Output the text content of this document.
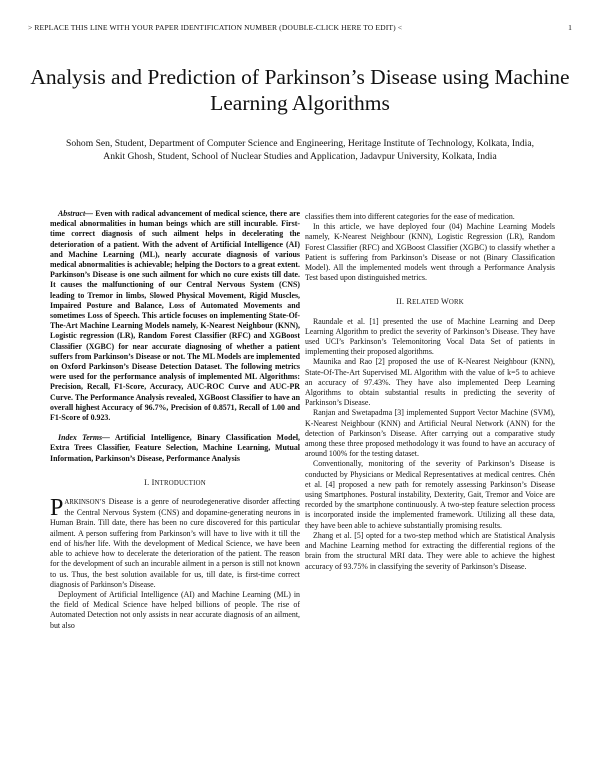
> REPLACE THIS LINE WITH YOUR PAPER IDENTIFICATION NUMBER (DOUBLE-CLICK HERE TO EDIT) <	1
Analysis and Prediction of Parkinson’s Disease using Machine Learning Algorithms
Sohom Sen, Student, Department of Computer Science and Engineering, Heritage Institute of Technology, Kolkata, India, Ankit Ghosh, Student, School of Nuclear Studies and Application, Jadavpur University, Kolkata, India

Abstract— Even with radical advancement of medical science, there are medical abnormalities in human beings which are still incurable. First-time correct diagnosis of such ailment helps in decelerating the deterioration of a patient. With the advent of Artificial Intelligence (AI) and Machine Learning (ML), nearly accurate diagnosis of various medical abnormalities is achievable; helping the Doctors to a great extent. Parkinson’s Disease is one such ailment for which no cure exists till date. It causes the malfunctioning of our Central Nervous System (CNS) leading to Tremor in limbs, Slowed Physical Movement, Rigid Muscles, Impaired Posture and Balance, Loss of Automated Movements and sometimes Loss of Speech. This article focuses on implementing State-Of-The-Art Machine Learning Models namely, K-Nearest Neighbour (KNN), Logistic regression (LR), Random Forest Classifier (RFC) and XGBoost Classifier (XGBC) for near accurate diagnosing of whether a patient suffers from Parkinson’s Disease or not. The ML Models are implemented on Oxford Parkinson’s Disease Detection Dataset. The following metrics were used for the performance analysis of implemented ML Algorithms: Precision, Recall, F1-Score, Accuracy, AUC-ROC Curve and AUC-PR Curve. The Performance Analysis revealed, XGBoost Classifier to have an overall highest Accuracy of 96.7%, Precision of 0.8571, Recall of 1.00 and F1-Score of 0.923.

Index Terms— Artificial Intelligence, Binary Classification Model, Extra Trees Classifier, Feature Selection, Machine Learning, Mutual Information, Parkinson’s Disease, Performance Analysis

I. INTRODUCTION

PARKINSON’S Disease is a genre of neurodegenerative disorder affecting the Central Nervous System (CNS) and dopamine-generating neurons in Human Brain. Till date, there has been no cure discovered for this particular ailment. A person suffering from Parkinson’s will have to live with it till the end of his/her life. With the development of Medical Science, we have been able to achieve how to decelerate the deterioration of the patient. The reason for the development of such an incurable ailment in a person is still not known to us. Thus, the best solution available for us, till date, is first-time correct diagnosis of Parkinson’s Disease.

Deployment of Artificial Intelligence (AI) and Machine Learning (ML) in the field of Medical Science have helped billions of people. The rise of Automated Detection not only assists in near accurate diagnosis of an ailment, but also

classifies them into different categories for the ease of medication.

In this article, we have deployed four (04) Machine Learning Models namely, K-Nearest Neighbour (KNN), Logistic Regression (LR), Random Forest Classifier (RFC) and XGBoost Classifier (XGBC) to classify whether a Patient is suffering from Parkinson’s Disease or not (Binary Classification Model). All the implemented models went through a Performance Analysis Test based upon distinguished metrics.

II. RELATED WORK

Raundale et al. [1] presented the use of Machine Learning and Deep Learning Algorithm to predict the severity of Parkinson’s Disease. They have used UCI’s Parkinson’s Telemonitoring Vocal Data Set of patients in implementing their proposed algorithms.

Maunika and Rao [2] proposed the use of K-Nearest Neighbour (KNN), State-Of-The-Art Supervised ML Algorithm with the value of k=5 to achieve an accuracy of 97.43%. They have also implemented Deep Learning Algorithms to obtain substantial results in predicting the severity of Parkinson’s Disease.

Ranjan and Swetapadma [3] implemented Support Vector Machine (SVM), K-Nearest Neighbour (KNN) and Artificial Neural Network (ANN) for the detection of Parkinson’s Disease. After carrying out a comparative study among these three proposed methodology it was found to have an accuracy of around 100% for the testing dataset.

Conventionally, monitoring of the severity of Parkinson’s Disease is conducted by Physicians or Medical Representatives at medical centres. Chén et al. [4] proposed a new path for remotely assessing Parkinson’s Disease using Smartphones. Postural instability, Dexterity, Gait, Tremor and Voice are recorded by the smartphone continuously. A two-step feature selection process is incorporated inside the implemented framework. Utilizing all these data, they have been able to achieve substantially promising results.

Zhang et al. [5] opted for a two-step method which are Statistical Analysis and Machine Learning method for extracting the differential regions of the brain from the structural MRI data. They were able to achieve the highest accuracy of 93.75% in classifying the severity of Parkinson’s Disease.
